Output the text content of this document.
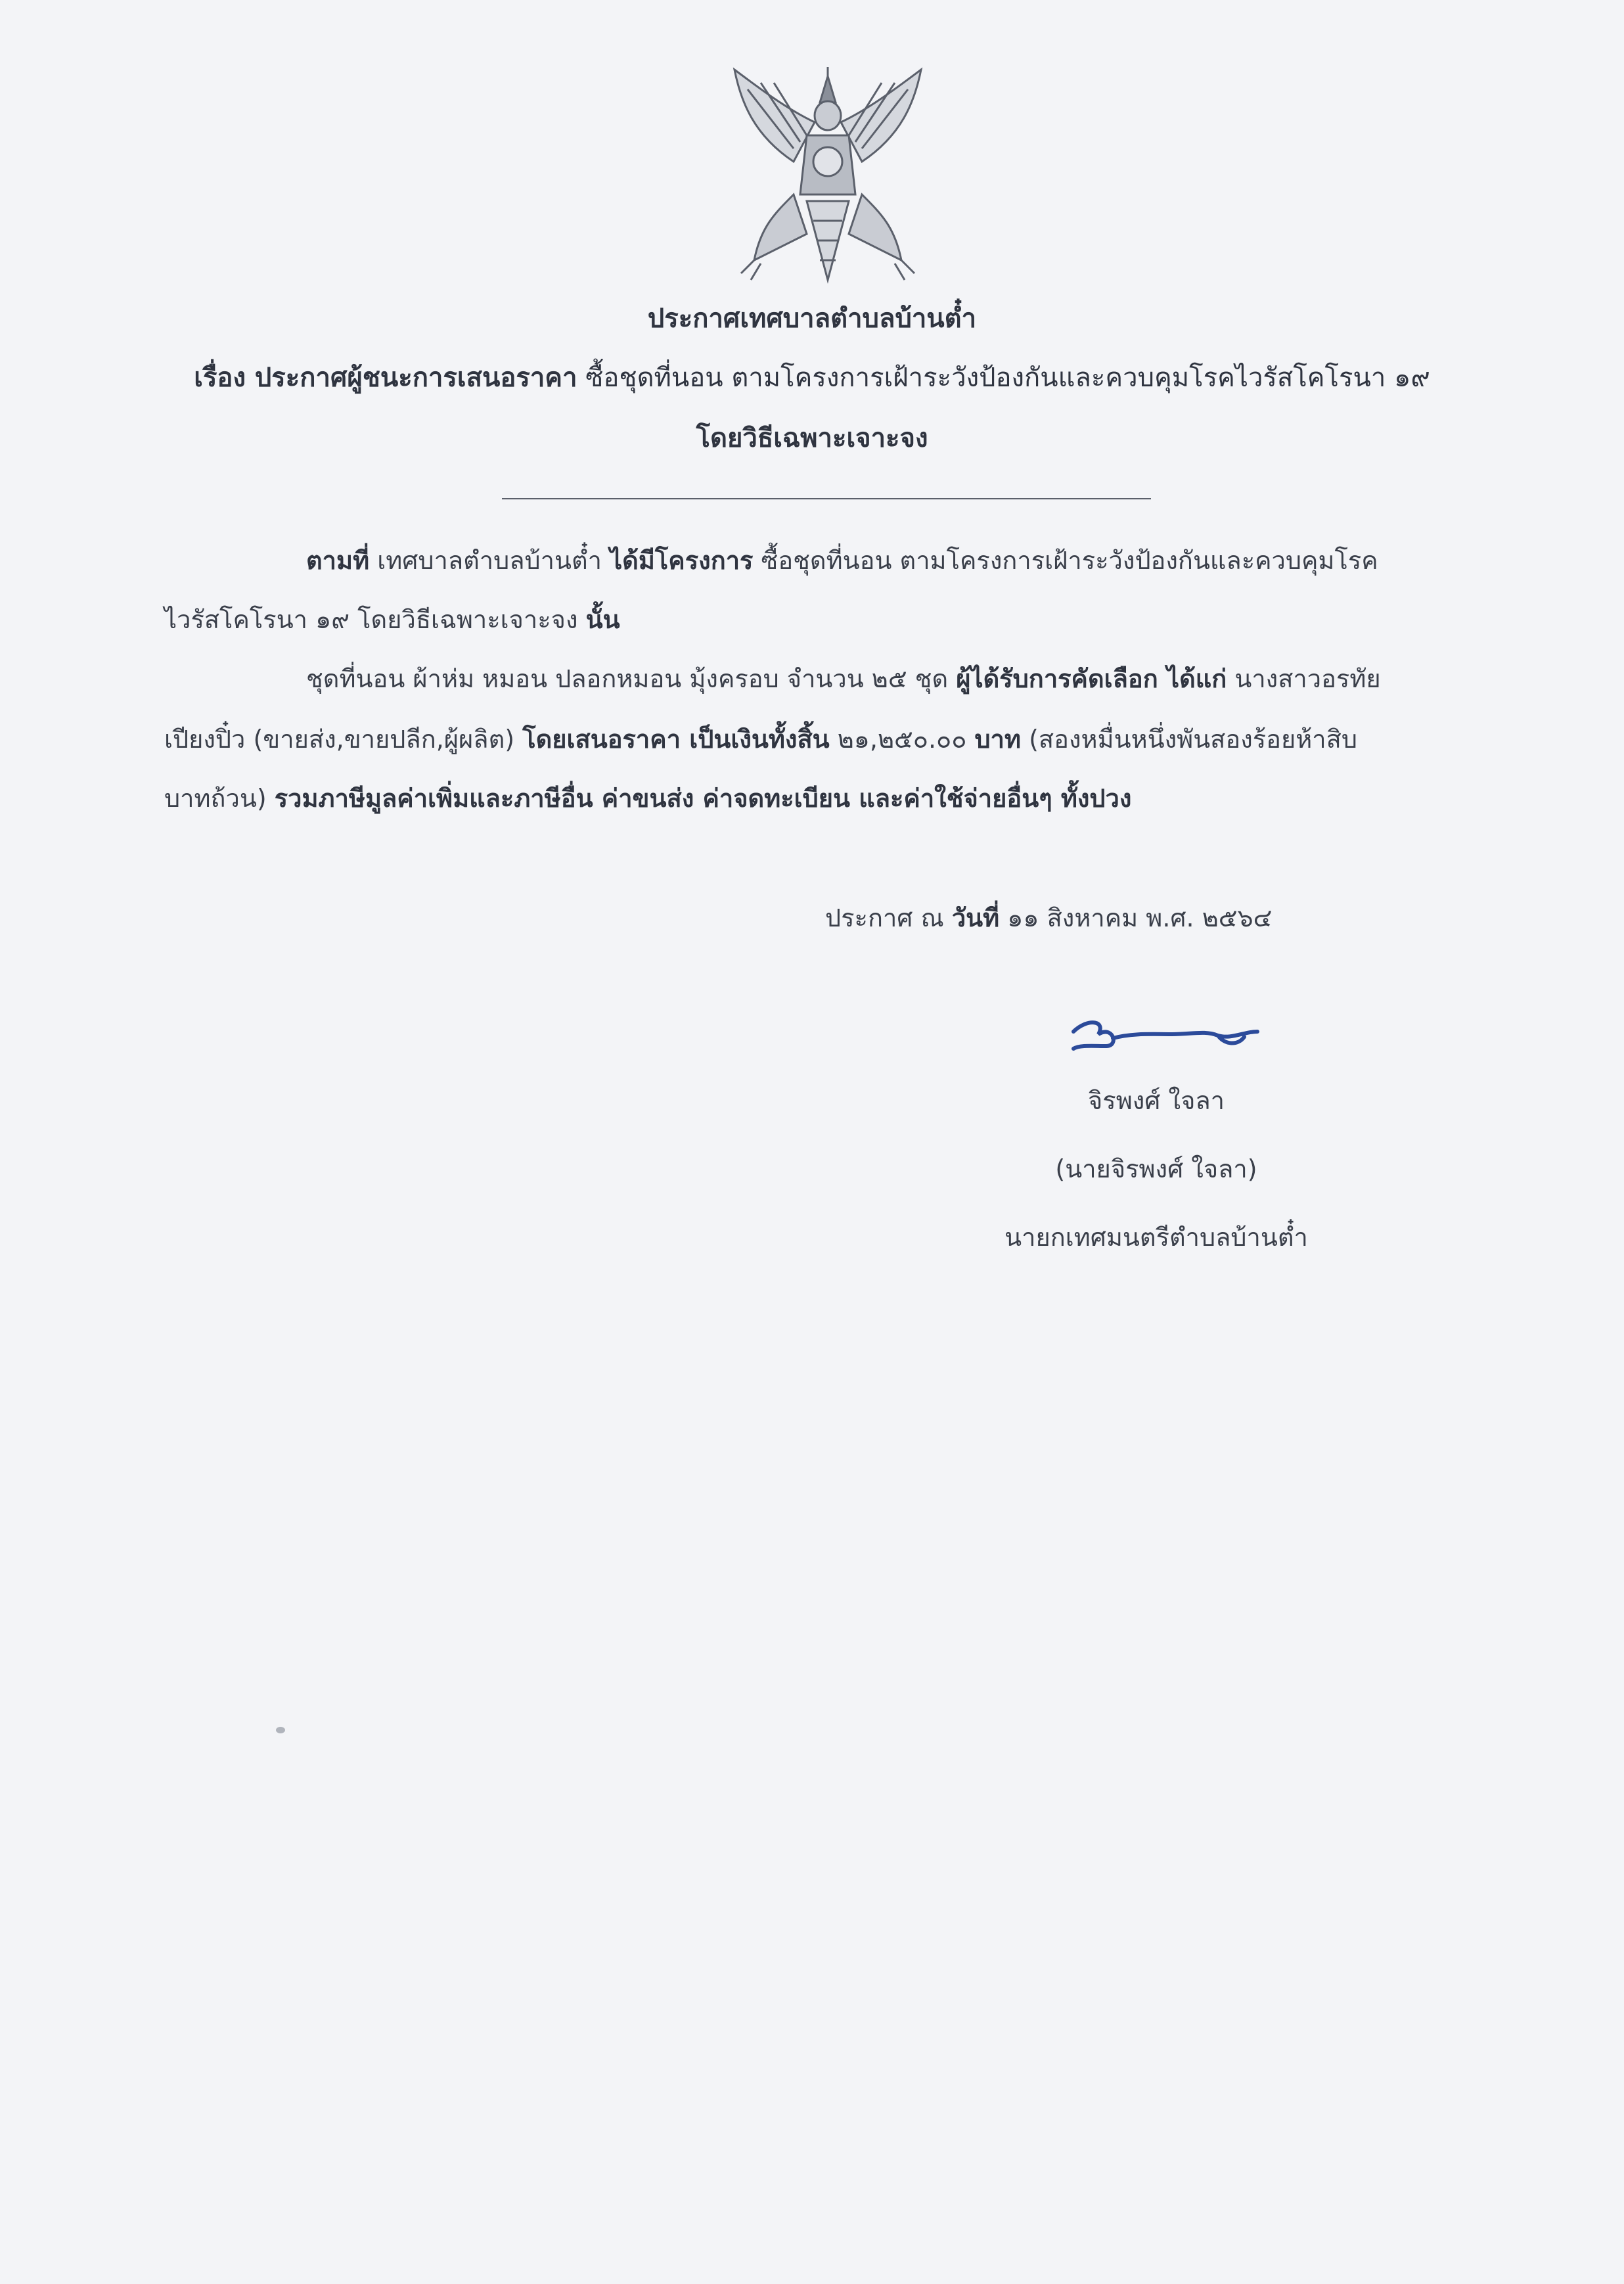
ประกาศเทศบาลตำบลบ้านต๋ำ
เรื่อง ประกาศผู้ชนะการเสนอราคา ซื้อชุดที่นอน ตามโครงการเฝ้าระวังป้องกันและควบคุมโรคไวรัสโคโรนา ๑๙
โดยวิธีเฉพาะเจาะจง
ตามที่ เทศบาลตำบลบ้านต๋ำ ได้มีโครงการ ซื้อชุดที่นอน ตามโครงการเฝ้าระวังป้องกันและควบคุมโรค
ไวรัสโคโรนา ๑๙ โดยวิธีเฉพาะเจาะจง นั้น
ชุดที่นอน ผ้าห่ม หมอน ปลอกหมอน มุ้งครอบ จำนวน ๒๕ ชุด ผู้ได้รับการคัดเลือก ได้แก่ นางสาวอรทัย
เปียงปิ๋ว (ขายส่ง,ขายปลีก,ผู้ผลิต) โดยเสนอราคา เป็นเงินทั้งสิ้น ๒๑,๒๕๐.๐๐ บาท (สองหมื่นหนึ่งพันสองร้อยห้าสิบ
บาทถ้วน) รวมภาษีมูลค่าเพิ่มและภาษีอื่น ค่าขนส่ง ค่าจดทะเบียน และค่าใช้จ่ายอื่นๆ ทั้งปวง
ประกาศ ณ วันที่ ๑๑ สิงหาคม พ.ศ. ๒๕๖๔
จิรพงศ์ ใจลา
(นายจิรพงศ์ ใจลา)
นายกเทศมนตรีตำบลบ้านต๋ำ
